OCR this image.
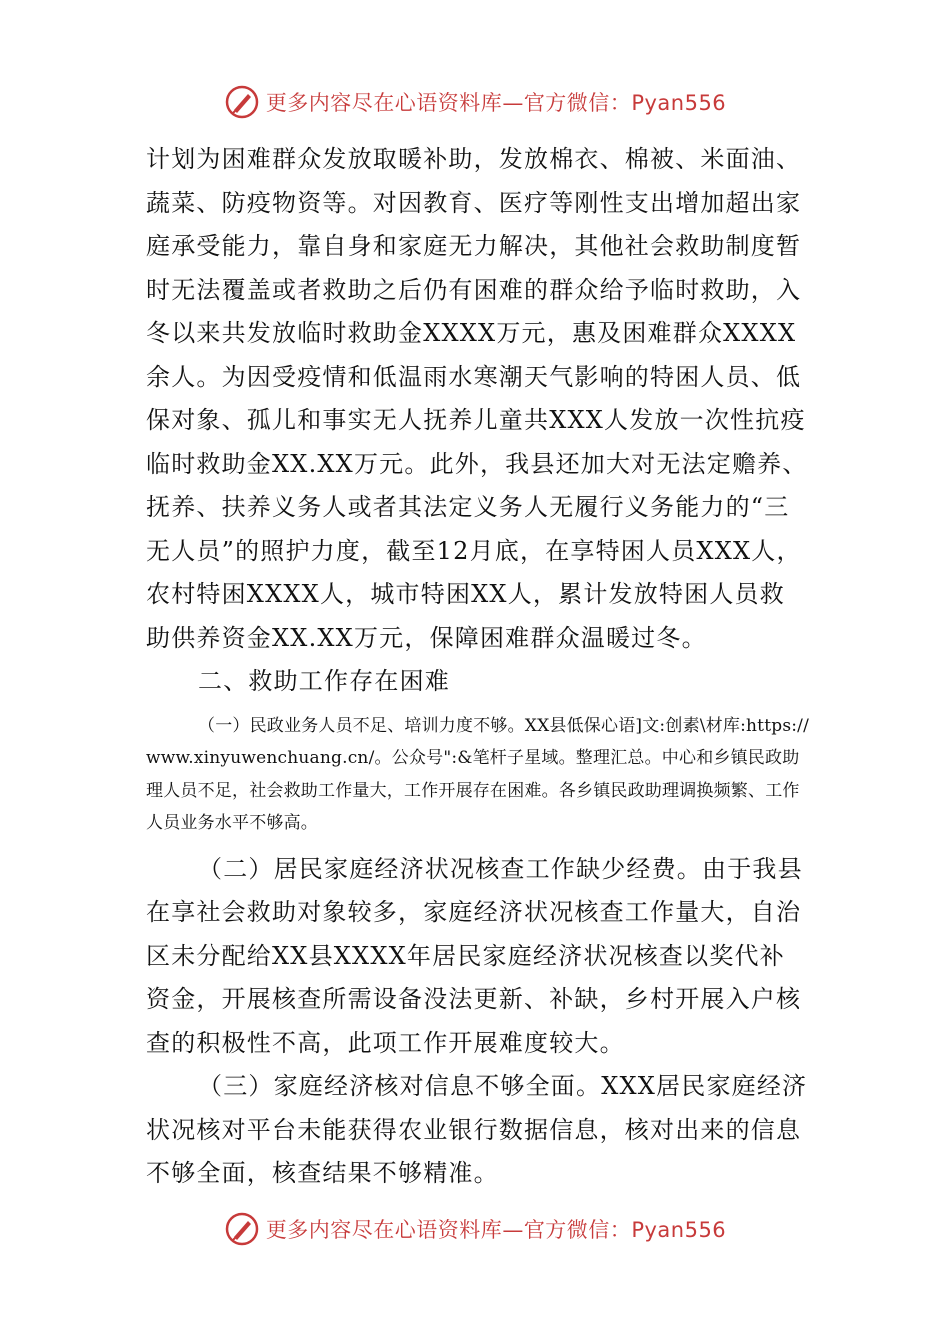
更多内容尽在心语资料库—官方微信：Pyan556

计划为困难群众发放取暖补助，发放棉衣、棉被、米面油、蔬菜、防疫物资等。对因教育、医疗等刚性支出增加超出家庭承受能力，靠自身和家庭无力解决，其他社会救助制度暂时无法覆盖或者救助之后仍有困难的群众给予临时救助，入冬以来共发放临时救助金XXXX万元，惠及困难群众XXXX余人。为因受疫情和低温雨水寒潮天气影响的特困人员、低保对象、孤儿和事实无人抚养儿童共XXX人发放一次性抗疫临时救助金XX.XX万元。此外，我县还加大对无法定赡养、抚养、扶养义务人或者其法定义务人无履行义务能力的“三无人员”的照护力度，截至12月底，在享特困人员XXX人，农村特困XXXX人，城市特困XX人，累计发放特困人员救助供养资金XX.XX万元，保障困难群众温暖过冬。

二、救助工作存在困难

（一）民政业务人员不足、培训力度不够。XX县低保心语]文:创素\材库:https://www.xinyuwenchuang.cn/。公众号":&笔杆子星域。整理汇总。中心和乡镇民政助理人员不足，社会救助工作量大，工作开展存在困难。各乡镇民政助理调换频繁、工作人员业务水平不够高。

（二）居民家庭经济状况核查工作缺少经费。由于我县在享社会救助对象较多，家庭经济状况核查工作量大，自治区未分配给XX县XXXX年居民家庭经济状况核查以奖代补资金，开展核查所需设备没法更新、补缺，乡村开展入户核查的积极性不高，此项工作开展难度较大。

（三）家庭经济核对信息不够全面。XXX居民家庭经济状况核对平台未能获得农业银行数据信息，核对出来的信息不够全面，核查结果不够精准。

更多内容尽在心语资料库—官方微信：Pyan556
